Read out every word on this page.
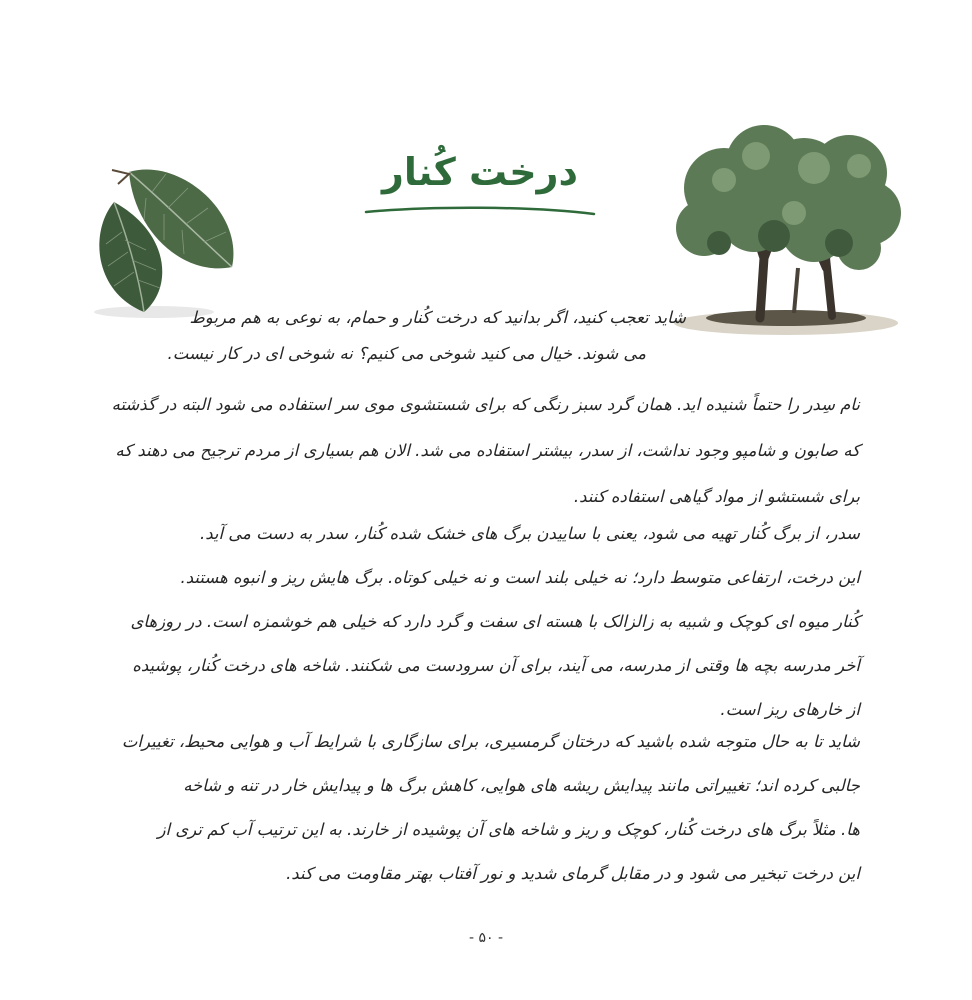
درخت کُنار
شاید تعجب کنید، اگر بدانید که درخت کُنار و حمام، به نوعی به هم مربوط
می شوند. خیال می کنید شوخی می کنیم؟ نه شوخی ای در کار نیست.
نام سِدر را حتماً شنیده اید. همان گرد سبز رنگی که برای شستشوی موی سر استفاده می شود البته در گذشته
که صابون و شامپو وجود نداشت، از سدر، بیشتر استفاده می شد. الان هم بسیاری از مردم ترجیح می دهند که
برای شستشو از مواد گیاهی استفاده کنند.
سدر، از برگ کُنار تهیه می شود، یعنی با ساییدن برگ های خشک شده کُنار، سدر به دست می آید.
این درخت، ارتفاعی متوسط دارد؛ نه خیلی بلند است و نه خیلی کوتاه. برگ هایش ریز و انبوه هستند.
کُنار میوه ای کوچک و شبیه به زالزالک با هسته ای سفت و گرد دارد که خیلی هم خوشمزه است. در روزهای
آخر مدرسه بچه ها وقتی از مدرسه، می آیند، برای آن سرودست می شکنند. شاخه های درخت کُنار، پوشیده
از خارهای ریز است.
شاید تا به حال متوجه شده باشید که درختان گرمسیری، برای سازگاری با شرایط آب و هوایی محیط، تغییرات
جالبی کرده اند؛ تغییراتی مانند پیدایش ریشه های هوایی، کاهش برگ ها و پیدایش خار در تنه و شاخه
ها. مثلاً برگ های درخت کُنار، کوچک و ریز و شاخه های آن پوشیده از خارند. به این ترتیب آب کم تری از
این درخت تبخیر می شود و در مقابل گرمای شدید و نور آفتاب بهتر مقاومت می کند.
- ۵۰ -
